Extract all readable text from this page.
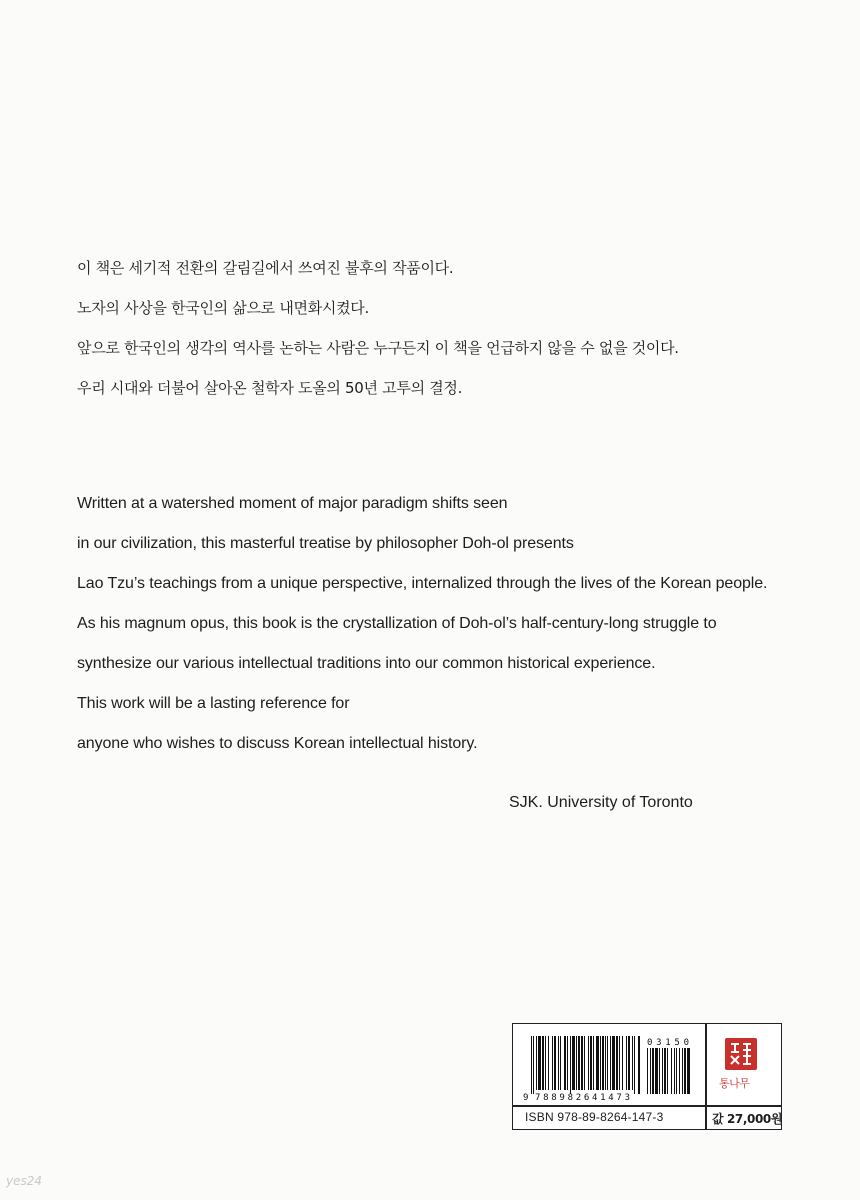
이 책은 세기적 전환의 갈림길에서 쓰여진 불후의 작품이다.
노자의 사상을 한국인의 삶으로 내면화시켰다.
앞으로 한국인의 생각의 역사를 논하는 사람은 누구든지 이 책을 언급하지 않을 수 없을 것이다.
우리 시대와 더불어 살아온 철학자 도올의 50년 고투의 결정.
Written at a watershed moment of major paradigm shifts seen
in our civilization, this masterful treatise by philosopher Doh-ol presents
Lao Tzu’s teachings from a unique perspective, internalized through the lives of the Korean people.
As his magnum opus, this book is the crystallization of Doh-ol’s half-century-long struggle to
synthesize our various intellectual traditions into our common historical experience.
This work will be a lasting reference for
anyone who wishes to discuss Korean intellectual history.
SJK. University of Toronto
9 788982641473
03150
통나무
ISBN 978-89-8264-147-3	값 27,000원
yes24
